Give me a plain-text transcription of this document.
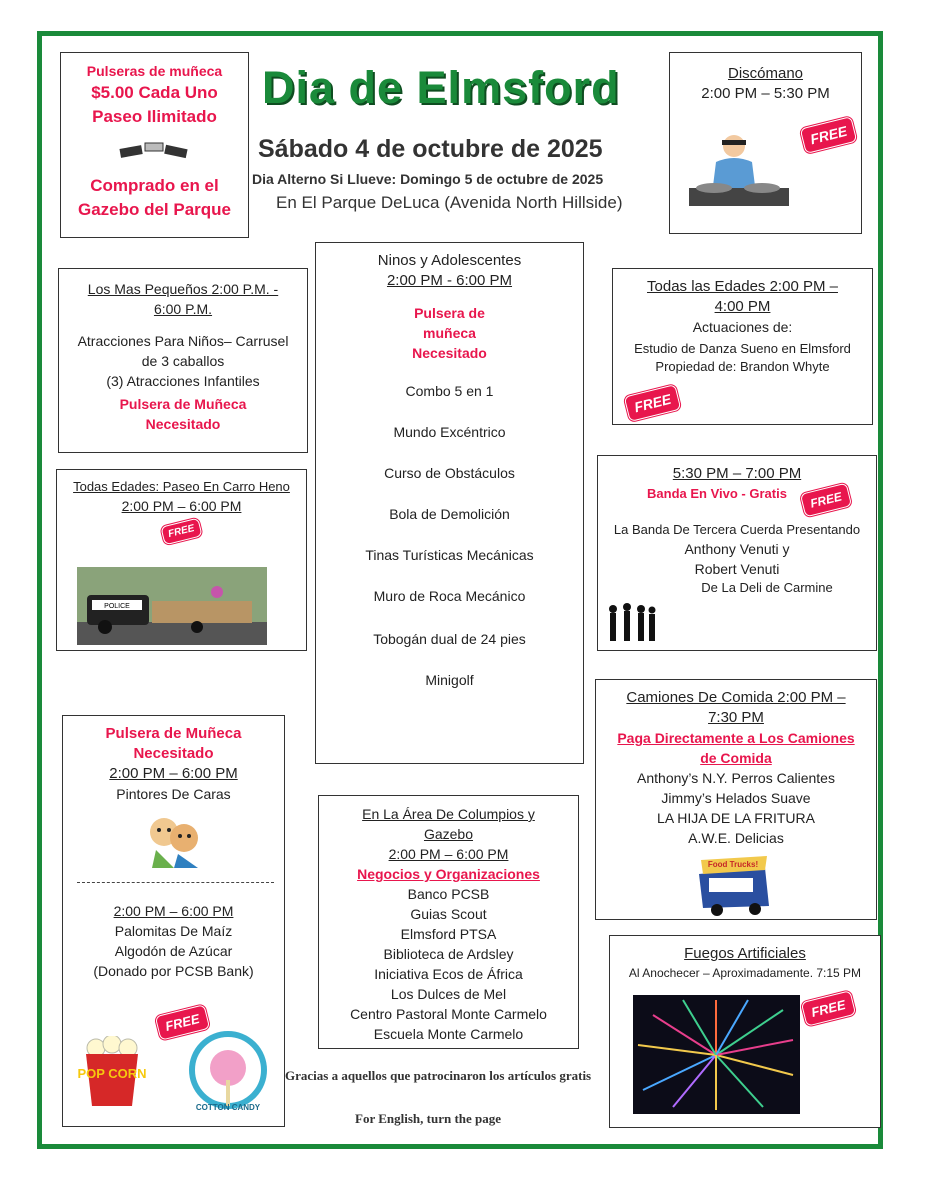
Dia de Elmsford
Sábado 4 de octubre de 2025
Dia Alterno Si Llueve: Domingo 5 de octubre de 2025
En El Parque DeLuca (Avenida North Hillside)
Pulseras de muñeca
$5.00 Cada Uno
Paseo Ilimitado
Comprado en el
Gazebo del Parque
Discómano
2:00 PM – 5:30 PM
FREE
Los Mas Pequeños 2:00 P.M. -
6:00 P.M.
Atracciones Para Niños– Carrusel
de 3 caballos
(3) Atracciones Infantiles
Pulsera de Muñeca
Necesitado
Todas Edades: Paseo En Carro Heno
2:00 PM – 6:00 PM
FREE
POLICE
Ninos y Adolescentes
2:00 PM - 6:00 PM
Pulsera de
muñeca
Necesitado
Combo 5 en 1
Mundo Excéntrico
Curso de Obstáculos
Bola de Demolición
Tinas Turísticas Mecánicas
Muro de Roca Mecánico
Tobogán dual de 24 pies
Minigolf
Todas las Edades 2:00 PM –
4:00 PM
Actuaciones de:
Estudio de Danza Sueno en Elmsford
Propiedad de: Brandon Whyte
FREE
5:30 PM – 7:00 PM
Banda En Vivo - Gratis	FREE
La Banda De Tercera Cuerda Presentando
Anthony Venuti y
Robert Venuti
De La Deli de Carmine
Pulsera de Muñeca
Necesitado
2:00 PM – 6:00 PM
Pintores De Caras
2:00 PM – 6:00 PM
Palomitas De Maíz
Algodón de Azúcar
(Donado por PCSB Bank)
FREE
POP CORN
COTTON CANDY
En La Área De Columpios y
Gazebo
2:00 PM – 6:00 PM
Negocios y Organizaciones
Banco PCSB
Guias Scout
Elmsford PTSA
Biblioteca de Ardsley
Iniciativa Ecos de África
Los Dulces de Mel
Centro Pastoral Monte Carmelo
Escuela Monte Carmelo
Camiones De Comida 2:00 PM –
7:30 PM
Paga Directamente a Los Camiones
de Comida
Anthony’s N.Y. Perros Calientes
Jimmy’s Helados Suave
LA HIJA DE LA FRITURA
A.W.E. Delicias
Food Trucks!
Fuegos Artificiales
Al Anochecer – Aproximadamente. 7:15 PM
FREE
Gracias a aquellos que patrocinaron los artículos gratis
For English, turn the page
